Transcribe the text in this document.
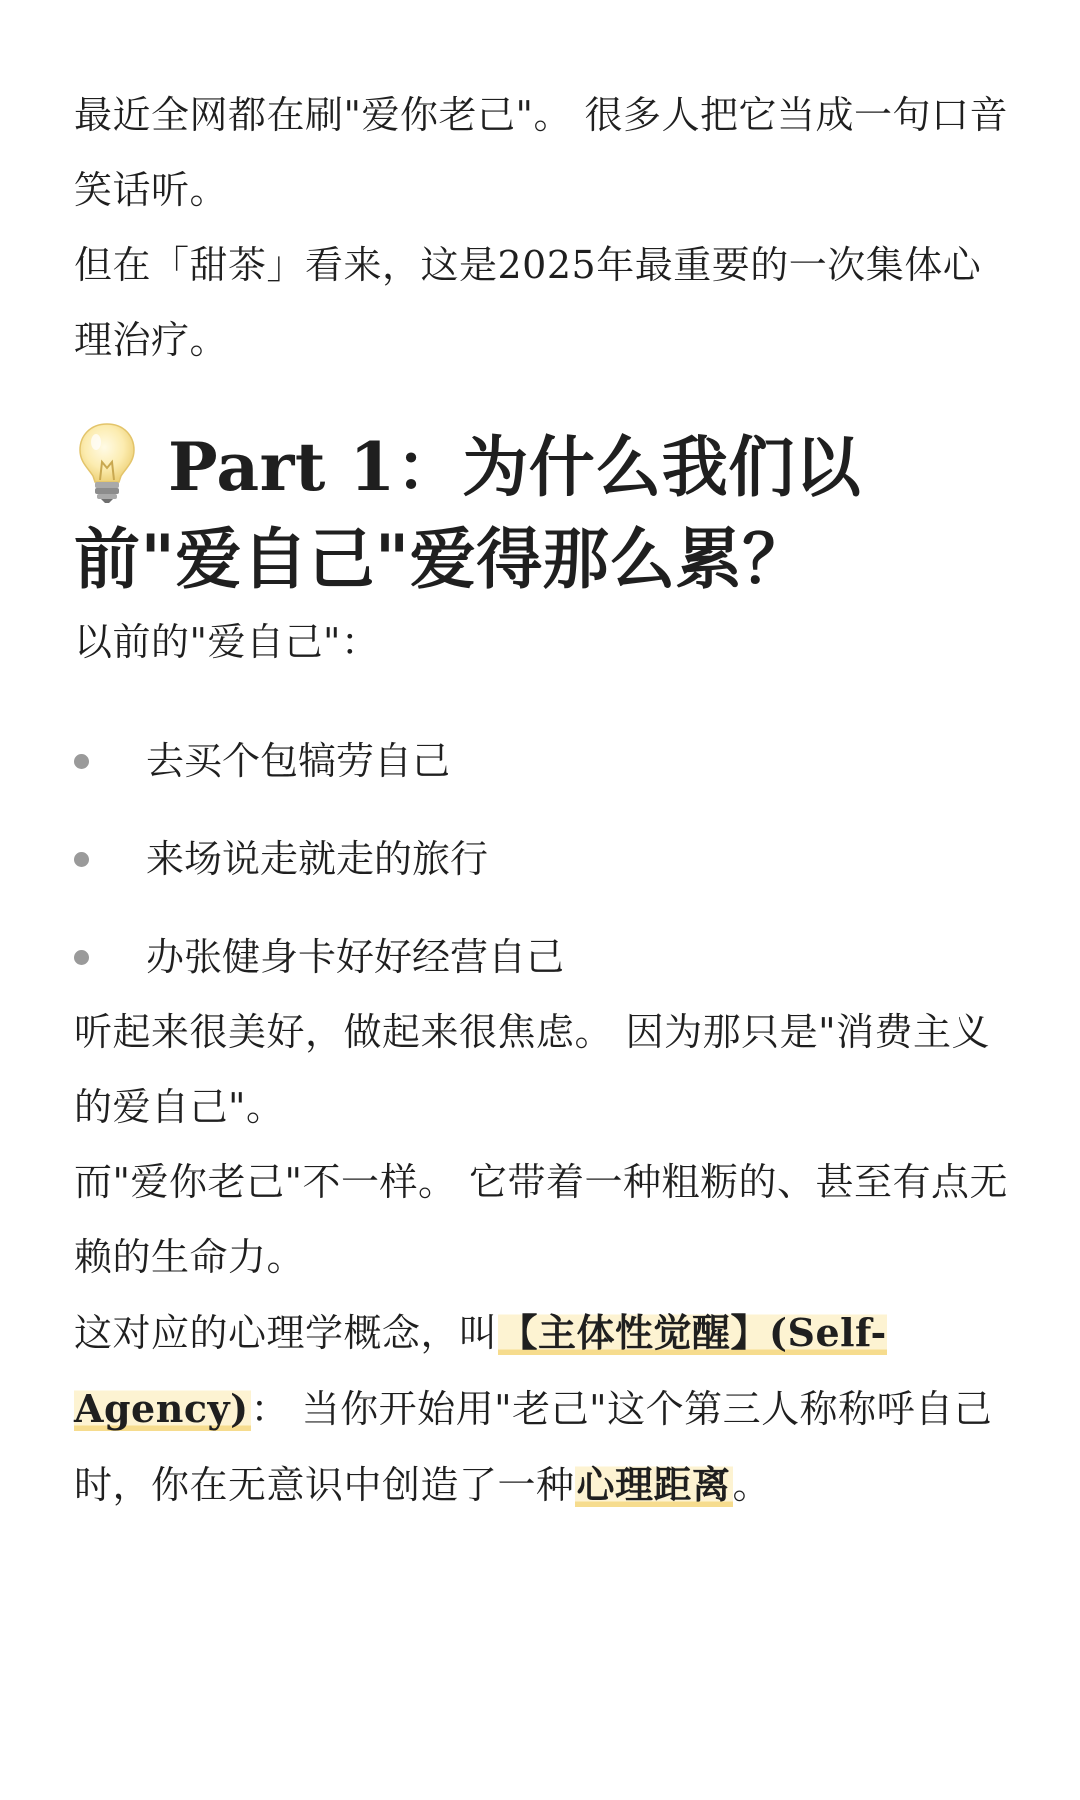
最近全网都在刷"爱你老己"。 很多人把它当成一句口音笑话听。

但在「甜茶」看来，这是2025年最重要的一次集体心理治疗。

Part 1：为什么我们以前"爱自己"爱得那么累？

以前的"爱自己"：

去买个包犒劳自己
来场说走就走的旅行
办张健身卡好好经营自己

听起来很美好，做起来很焦虑。 因为那只是"消费主义的爱自己"。

而"爱你老己"不一样。 它带着一种粗粝的、甚至有点无赖的生命力。

这对应的心理学概念，叫【主体性觉醒】(Self-Agency)： 当你开始用"老己"这个第三人称称呼自己时，你在无意识中创造了一种心理距离。
